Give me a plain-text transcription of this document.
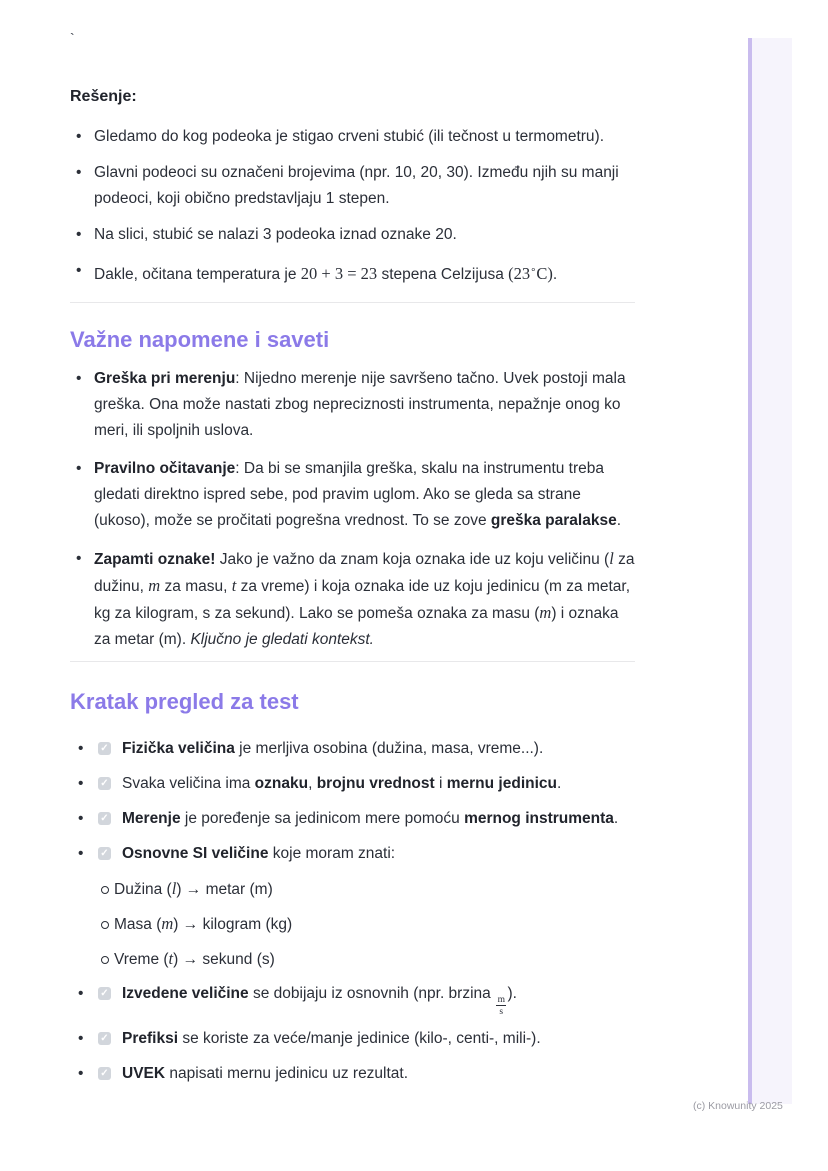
`
Rešenje:
• Gledamo do kog podeoka je stigao crveni stubić (ili tečnost u termometru).
• Glavni podeoci su označeni brojevima (npr. 10, 20, 30). Između njih su manji podeoci, koji obično predstavljaju 1 stepen.
• Na slici, stubić se nalazi 3 podeoka iznad oznake 20.
• Dakle, očitana temperatura je 20 + 3 = 23 stepena Celzijusa (23∘C).
Važne napomene i saveti
• Greška pri merenju: Nijedno merenje nije savršeno tačno. Uvek postoji mala greška. Ona može nastati zbog nepreciznosti instrumenta, nepažnje onog ko meri, ili spoljnih uslova.
• Pravilno očitavanje: Da bi se smanjila greška, skalu na instrumentu treba gledati direktno ispred sebe, pod pravim uglom. Ako se gleda sa strane (ukoso), može se pročitati pogrešna vrednost. To se zove greška paralakse.
• Zapamti oznake! Jako je važno da znam koja oznaka ide uz koju veličinu (l za dužinu, m za masu, t za vreme) i koja oznaka ide uz koju jedinicu (m za metar, kg za kilogram, s za sekund). Lako se pomeša oznaka za masu (m) i oznaka za metar (m). Ključno je gledati kontekst.
Kratak pregled za test
•	✓ Fizička veličina je merljiva osobina (dužina, masa, vreme...).
•	✓ Svaka veličina ima oznaku, brojnu vrednost i mernu jedinicu.
•	✓ Merenje je poređenje sa jedinicom mere pomoću mernog instrumenta.
•	✓ Osnovne SI veličine koje moram znati:
Dužina (l) → metar (m)
Masa (m) → kilogram (kg)
Vreme (t) → sekund (s)
•	✓ Izvedene veličine se dobijaju iz osnovnih (npr. brzina
$\frac{m}{s}$
).
•	✓ Prefiksi se koriste za veće/manje jedinice (kilo-, centi-, mili-).
•	✓ UVEK napisati mernu jedinicu uz rezultat.
(c) Knowunity 2025
